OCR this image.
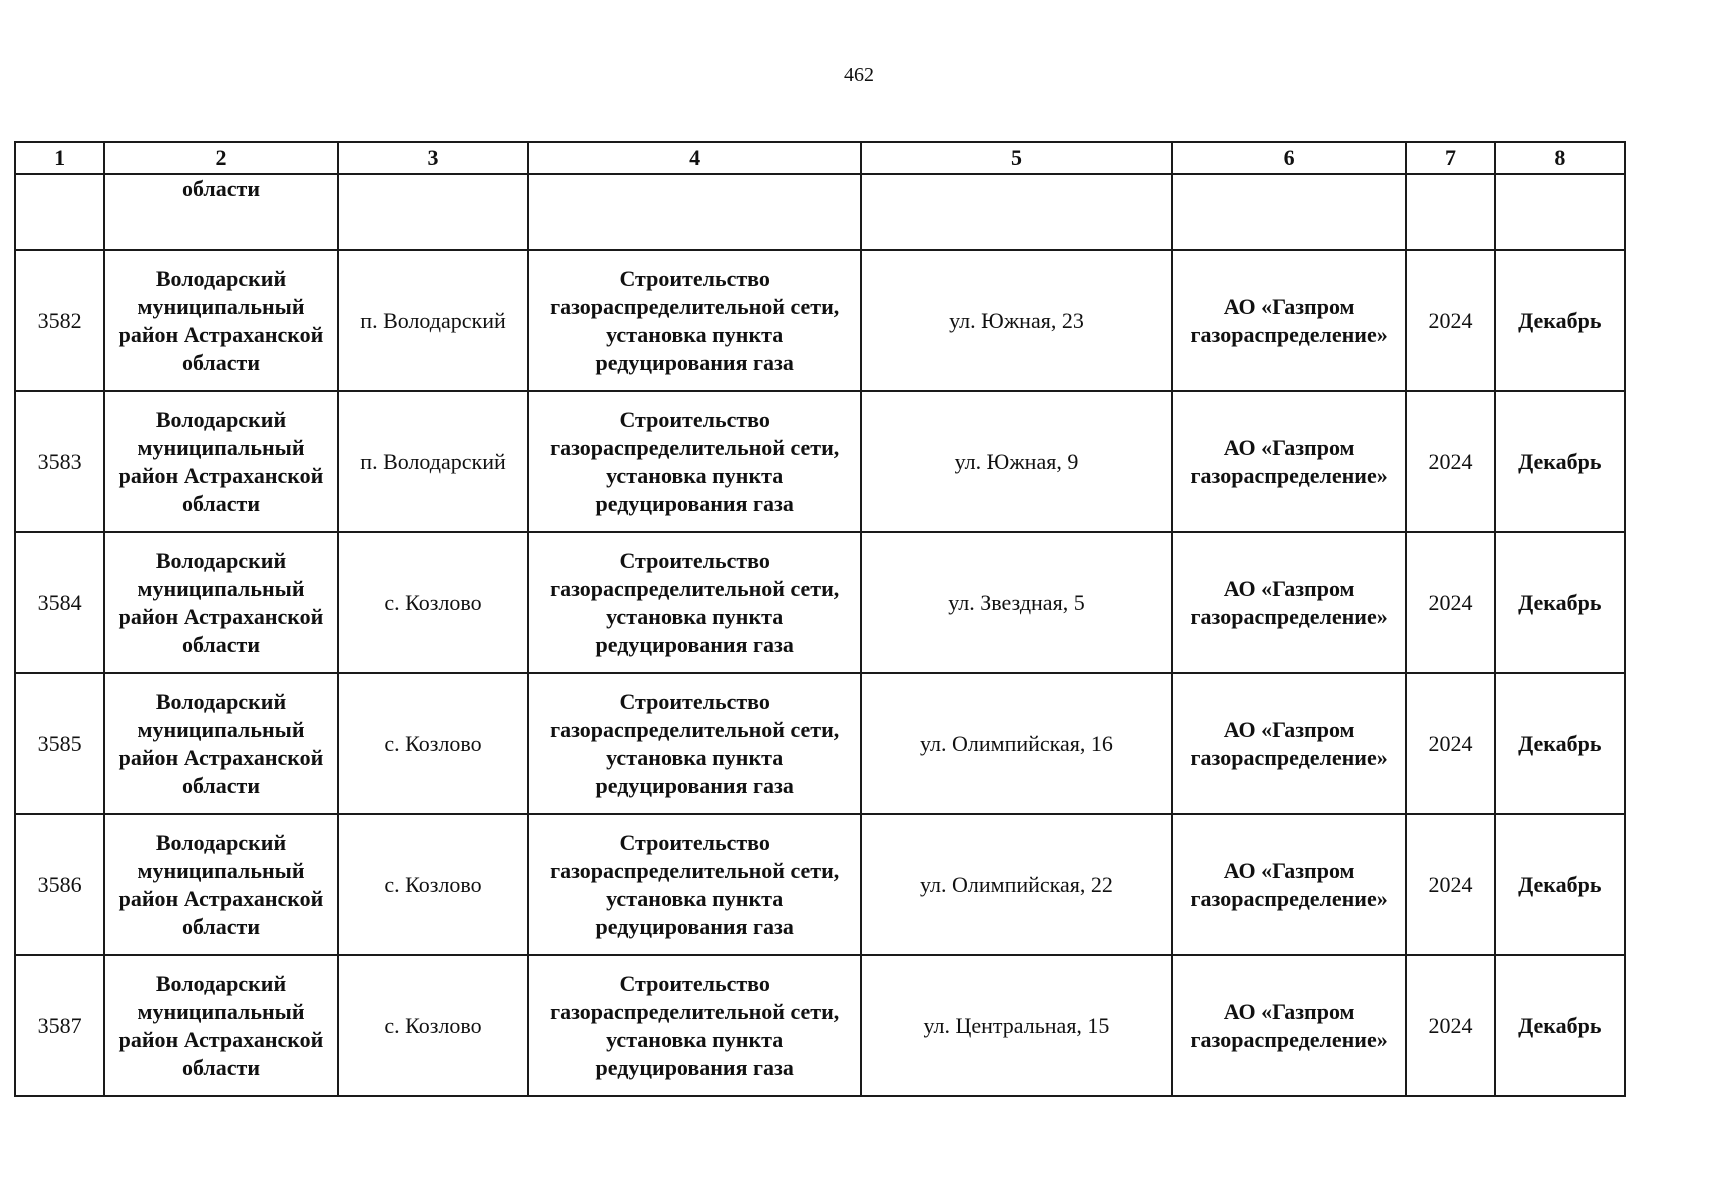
462
1	2	3	4	5	6	7	8
	области						
3582	Володарский муниципальный район Астраханской области	п. Володарский	Строительство газораспределительной сети, установка пункта редуцирования газа	ул. Южная, 23	АО «Газпром газораспределение»	2024	Декабрь
3583	Володарский муниципальный район Астраханской области	п. Володарский	Строительство газораспределительной сети, установка пункта редуцирования газа	ул. Южная, 9	АО «Газпром газораспределение»	2024	Декабрь
3584	Володарский муниципальный район Астраханской области	с. Козлово	Строительство газораспределительной сети, установка пункта редуцирования газа	ул. Звездная, 5	АО «Газпром газораспределение»	2024	Декабрь
3585	Володарский муниципальный район Астраханской области	с. Козлово	Строительство газораспределительной сети, установка пункта редуцирования газа	ул. Олимпийская, 16	АО «Газпром газораспределение»	2024	Декабрь
3586	Володарский муниципальный район Астраханской области	с. Козлово	Строительство газораспределительной сети, установка пункта редуцирования газа	ул. Олимпийская, 22	АО «Газпром газораспределение»	2024	Декабрь
3587	Володарский муниципальный район Астраханской области	с. Козлово	Строительство газораспределительной сети, установка пункта редуцирования газа	ул. Центральная, 15	АО «Газпром газораспределение»	2024	Декабрь
